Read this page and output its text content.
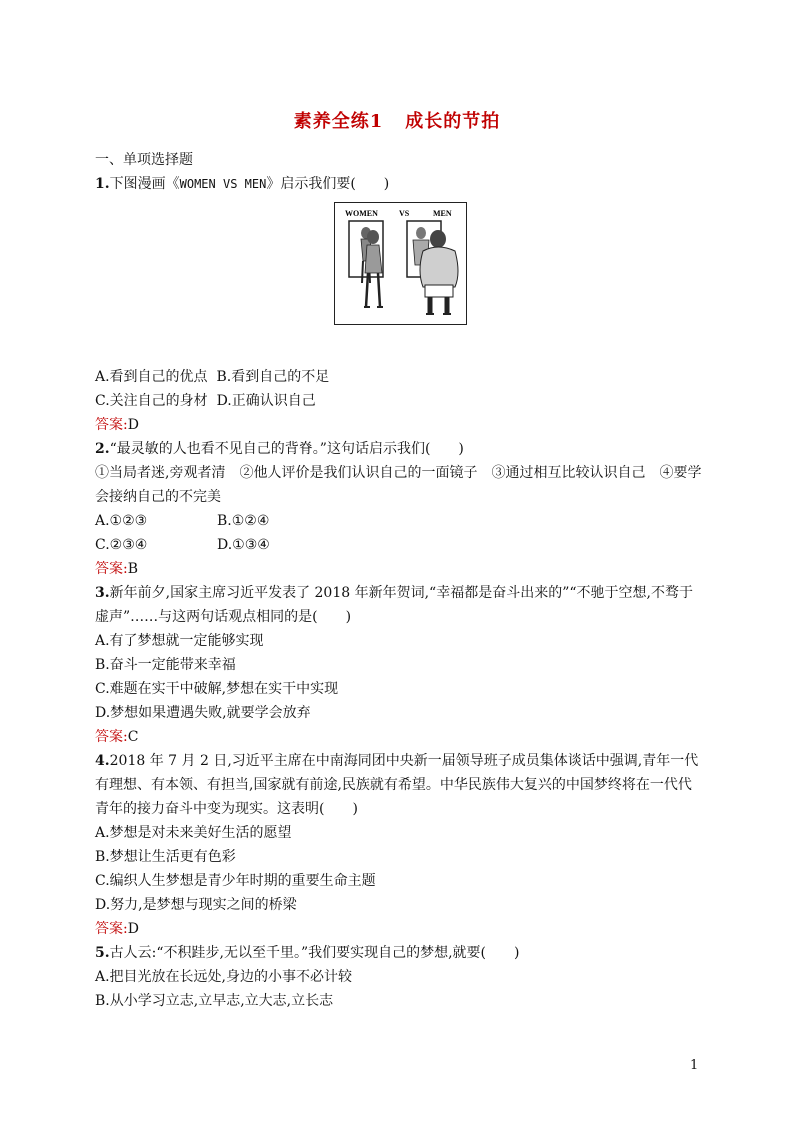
素养全练1 成长的节拍
一、单项选择题
1.下图漫画《WOMEN VS MEN》启示我们要(　　)
WOMEN	VS	MEN
A.看到自己的优点 B.看到自己的不足
C.关注自己的身材 D.正确认识自己
答案:D
2.“最灵敏的人也看不见自己的背脊。”这句话启示我们(　　)
①当局者迷,旁观者清　②他人评价是我们认识自己的一面镜子　③通过相互比较认识自己　④要学会接纳自己的不完美
A.①②③	B.①②④
C.②③④	D.①③④
答案:B
3.新年前夕,国家主席习近平发表了 2018 年新年贺词,“幸福都是奋斗出来的”“不驰于空想,不骛于虚声”……与这两句话观点相同的是(　　)
A.有了梦想就一定能够实现
B.奋斗一定能带来幸福
C.难题在实干中破解,梦想在实干中实现
D.梦想如果遭遇失败,就要学会放弃
答案:C
4.2018 年 7 月 2 日,习近平主席在中南海同团中央新一届领导班子成员集体谈话中强调,青年一代有理想、有本领、有担当,国家就有前途,民族就有希望。中华民族伟大复兴的中国梦终将在一代代青年的接力奋斗中变为现实。这表明(　　)
A.梦想是对未来美好生活的愿望
B.梦想让生活更有色彩
C.编织人生梦想是青少年时期的重要生命主题
D.努力,是梦想与现实之间的桥梁
答案:D
5.古人云:“不积跬步,无以至千里。”我们要实现自己的梦想,就要(　　)
A.把目光放在长远处,身边的小事不必计较
B.从小学习立志,立早志,立大志,立长志
1
